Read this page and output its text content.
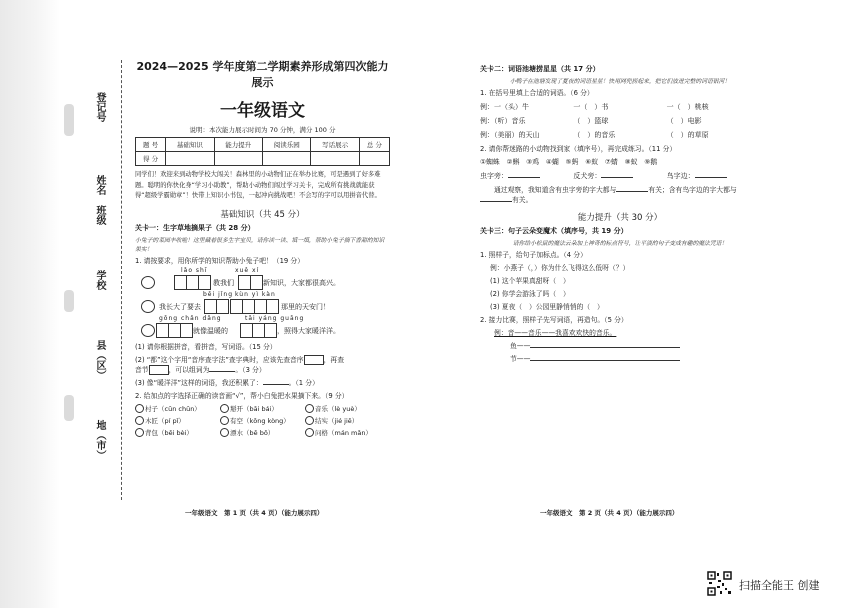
登记号
姓名
班级
学校
县（区）
地（市）

2024—2025 学年度第二学期素养形成第四次能力展示

一年级语文

说明：本次能力展示时间为 70 分钟，满分 100 分

题 号	基础知识	能力提升	阅读乐园	写话展示	总 分
得 分					

同学们！欢迎来到动物学校大闯关！森林里的小动物们正在举办比赛，可是遇到了好多难题。聪明的你快化身“学习小助教”，帮助小动物们闯过学习关卡，完成所有挑战就能获得“超级学霸勋章”！快带上知识小书包，一起冲向挑战吧！不会写的字可以用拼音代替。

基础知识（共 45 分）

关卡一：生字草地摘果子（共 28 分）

小兔子的菜园丰收啦！这里藏着很多生字宝贝，请你读一读、填一填，帮助小兔子摘下香甜的知识果实！

1. 请按要求，用你所学的知识帮助小兔子吧！（19 分）

lǎo shī
教我们
xuě xí
新知识，大家都很高兴。
我长大了要去
bēi jǐng kùn yì kàn
那里的天安门！
gōng chǎn dǎng
就像温暖的
tāi yáng guāng
，照得大家暖洋洋。

(1) 请你根据拼音，看拼音，写词语。（15 分）

(2) “都”这个字用“音序查字法”查字典时，应该先查音序	，再查
音节	，可以组词为	。（3 分）

(3) 像“暖洋洋”这样的词语，我还积累了：	。（1 分）

2. 给加点的字选择正确的读音画“√”，帮小白兔把水果摘下来。（9 分）

村子（cūn chūn）	掰开（bāi bái）	音乐（lè yuè）
木匠（pí pǐ）	有空（kōng kòng）	结实（jié jiē）
背包（bēi bèi）	漂水（bē bō）	问格（mán mǎn）
一年级语文　第 1 页（共 4 页）（能力展示四）

关卡二：词语池塘捞星星（共 17 分）

小鸭子在池塘发现了夏夜的词语星星！快用网兜捞起来，把它们放进完整的词语银河！

1. 在括号里填上合适的词语。（6 分）

例：一（头）牛	一（　）书	一（　）桃核
例：（听）音乐	（　）篮球	（　）电影
例：（美丽）的天山	（　）的音乐	（　）的草原

2. 请你帮迷路的小动物找到家（填序号），再完成练习。（11 分）

①蜘蛛　②蝌　③鸡　④蝴　⑤蚂　⑥蚁　⑦蜻　⑧蚁　⑨鹅

虫字旁：	反犬旁：	鸟字边：

通过观察，我知道含有虫字旁的字大都与	有关；含有鸟字边的字大都与有关。

能力提升（共 30 分）

关卡三：句子云朵变魔术（填序号，共 19 分）

请你给小松鼠的魔法云朵加上神奇的标点符号，让平淡的句子变成有趣的魔法咒语！

1. 照样子，给句子加标点。（4 分）

例：小燕子（，）你为什么飞得这么低呀（？）

(1) 这个苹果真甜呀（　）

(2) 你学会游泳了吗（　）

(3) 夏夜（　）公园里静悄悄的（　）

2. 接力比赛，照样子先写词语，再造句。（5 分）

例：音——音乐——我喜欢欢快的音乐。

鱼——

节——

一年级语文　第 2 页（共 4 页）（能力展示四）
扫描全能王 创建
